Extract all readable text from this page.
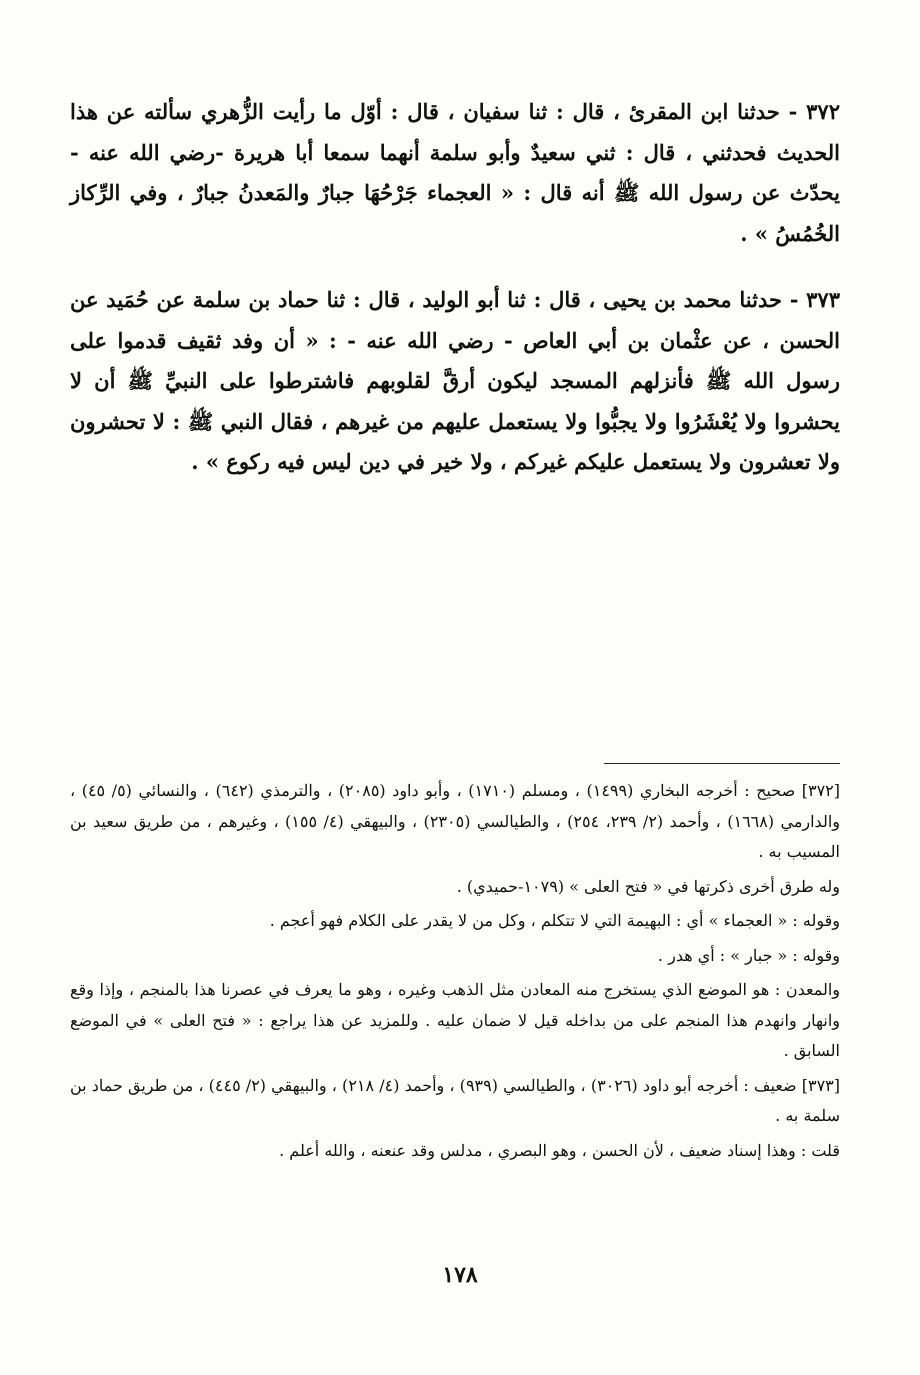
٣٧٢ - حدثنا ابن المقرئ ، قال : ثنا سفيان ، قال : أوّل ما رأيت الزُّهري سألته عن هذا الحديث فحدثني ، قال : ثني سعيدٌ وأبو سلمة أنهما سمعا أبا هريرة -رضي الله عنه - يحدّث عن رسول الله ﷺ أنه قال : « العجماء جَرْحُهَا جبارٌ والمَعدنُ جبارٌ ، وفي الرِّكاز الخُمُسُ » .

٣٧٣ - حدثنا محمد بن يحيى ، قال : ثنا أبو الوليد ، قال : ثنا حماد بن سلمة عن حُمَيد عن الحسن ، عن عثْمان بن أبي العاص - رضي الله عنه - : « أن وفد ثقيف قدموا على رسول الله ﷺ فأنزلهم المسجد ليكون أرقَّ لقلوبهم فاشترطوا على النبيِّ ﷺ أن لا يحشروا ولا يُعْشَرُوا ولا يجبُّوا ولا يستعمل عليهم من غيرهم ، فقال النبي ﷺ : لا تحشرون ولا تعشرون ولا يستعمل عليكم غيركم ، ولا خير في دين ليس فيه ركوع » .

[٣٧٢] صحيح : أخرجه البخاري (١٤٩٩) ، ومسلم (١٧١٠) ، وأبو داود (٢٠٨٥) ، والترمذي (٦٤٢) ، والنسائي (٥/ ٤٥) ، والدارمي (١٦٦٨) ، وأحمد (٢/ ٢٣٩، ٢٥٤) ، والطيالسي (٢٣٠٥) ، والبيهقي (٤/ ١٥٥) ، وغيرهم ، من طريق سعيد بن المسيب به .

وله طرق أخرى ذكرتها في « فتح العلى » (١٠٧٩-حميدي) .

وقوله : « العجماء » أي : البهيمة التي لا تتكلم ، وكل من لا يقدر على الكلام فهو أعجم .

وقوله : « جبار » : أي هدر .

والمعدن : هو الموضع الذي يستخرج منه المعادن مثل الذهب وغيره ، وهو ما يعرف في عصرنا هذا بالمنجم ، وإذا وقع وانهار وانهدم هذا المنجم على من بداخله قيل لا ضمان عليه . وللمزيد عن هذا يراجع : « فتح العلى » في الموضع السابق .

[٣٧٣] ضعيف : أخرجه أبو داود (٣٠٢٦) ، والطيالسي (٩٣٩) ، وأحمد (٤/ ٢١٨) ، والبيهقي (٢/ ٤٤٥) ، من طريق حماد بن سلمة به .

قلت : وهذا إسناد ضعيف ، لأن الحسن ، وهو البصري ، مدلس وقد عنعنه ، والله أعلم .

١٧٨
